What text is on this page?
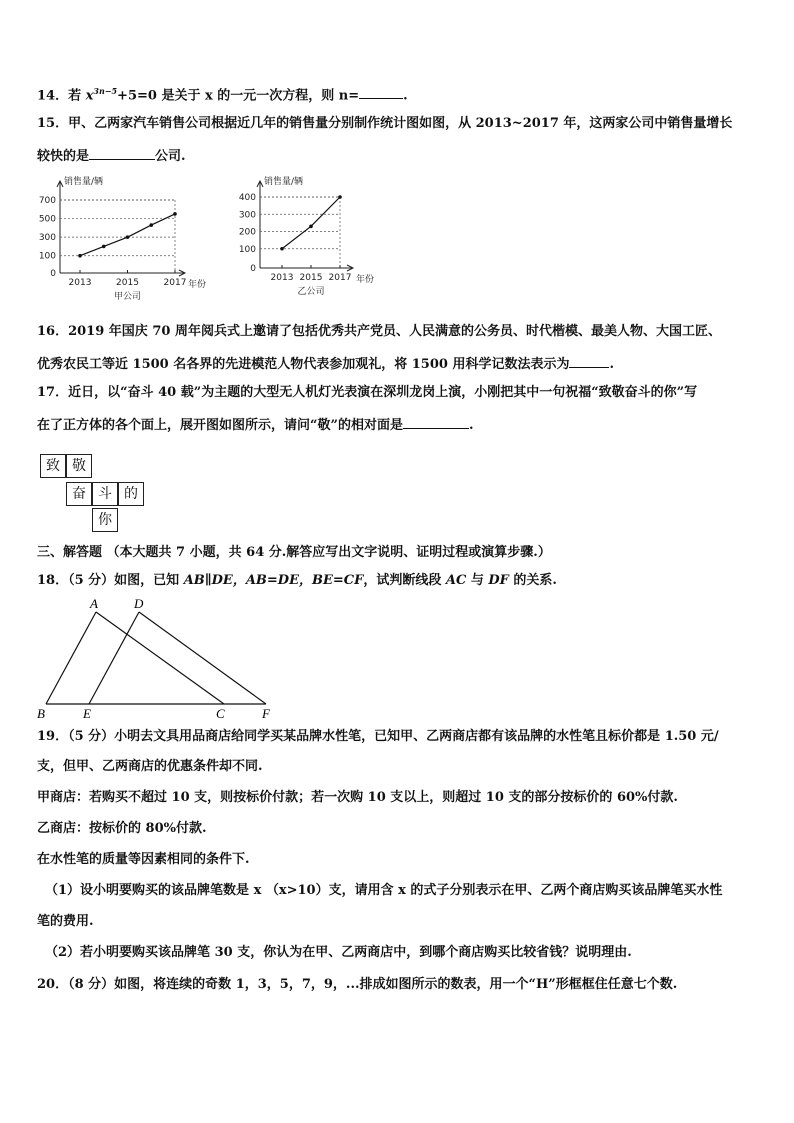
14．若 $x^{3n-5}+5=0$ 是关于 x 的一元一次方程，则 n=	.
15．甲、乙两家汽车销售公司根据近几年的销售量分别制作统计图如图，从 2013~2017 年，这两家公司中销售量增长
较快的是	公司.
0
100
300
500
700
2013	2015	2017
销售量/辆
年份
甲公司
0
100
200
300
400
2013 2015 2017
销售量/辆
年份
乙公司
16．2019 年国庆 70 周年阅兵式上邀请了包括优秀共产党员、人民满意的公务员、时代楷模、最美人物、大国工匠、
优秀农民工等近 1500 名各界的先进模范人物代表参加观礼，将 1500 用科学记数法表示为	.
17．近日，以“奋斗 40 载”为主题的大型无人机灯光表演在深圳龙岗上演，小刚把其中一句祝福“致敬奋斗的你”写
在了正方体的各个面上，展开图如图所示，请问“敬”的相对面是	.
致 敬
奋 斗 的
你
三、解答题 （本大题共 7 小题，共 64 分.解答应写出文字说明、证明过程或演算步骤.）
18．（5 分）如图，已知 AB∥DE，AB=DE，BE=CF，试判断线段 AC 与 DF 的关系.
A	D
B	E	C	F
19．（5 分）小明去文具用品商店给同学买某品牌水性笔，已知甲、乙两商店都有该品牌的水性笔且标价都是 1.50 元/
支，但甲、乙两商店的优惠条件却不同.
甲商店：若购买不超过 10 支，则按标价付款；若一次购 10 支以上，则超过 10 支的部分按标价的 60%付款.
乙商店：按标价的 80%付款.
在水性笔的质量等因素相同的条件下.
（1）设小明要购买的该品牌笔数是 x （x>10）支，请用含 x 的式子分别表示在甲、乙两个商店购买该品牌笔买水性
笔的费用.
（2）若小明要购买该品牌笔 30 支，你认为在甲、乙两商店中，到哪个商店购买比较省钱？说明理由.
20．（8 分）如图，将连续的奇数 1，3，5，7，9，...排成如图所示的数表，用一个“H”形框框住任意七个数.
